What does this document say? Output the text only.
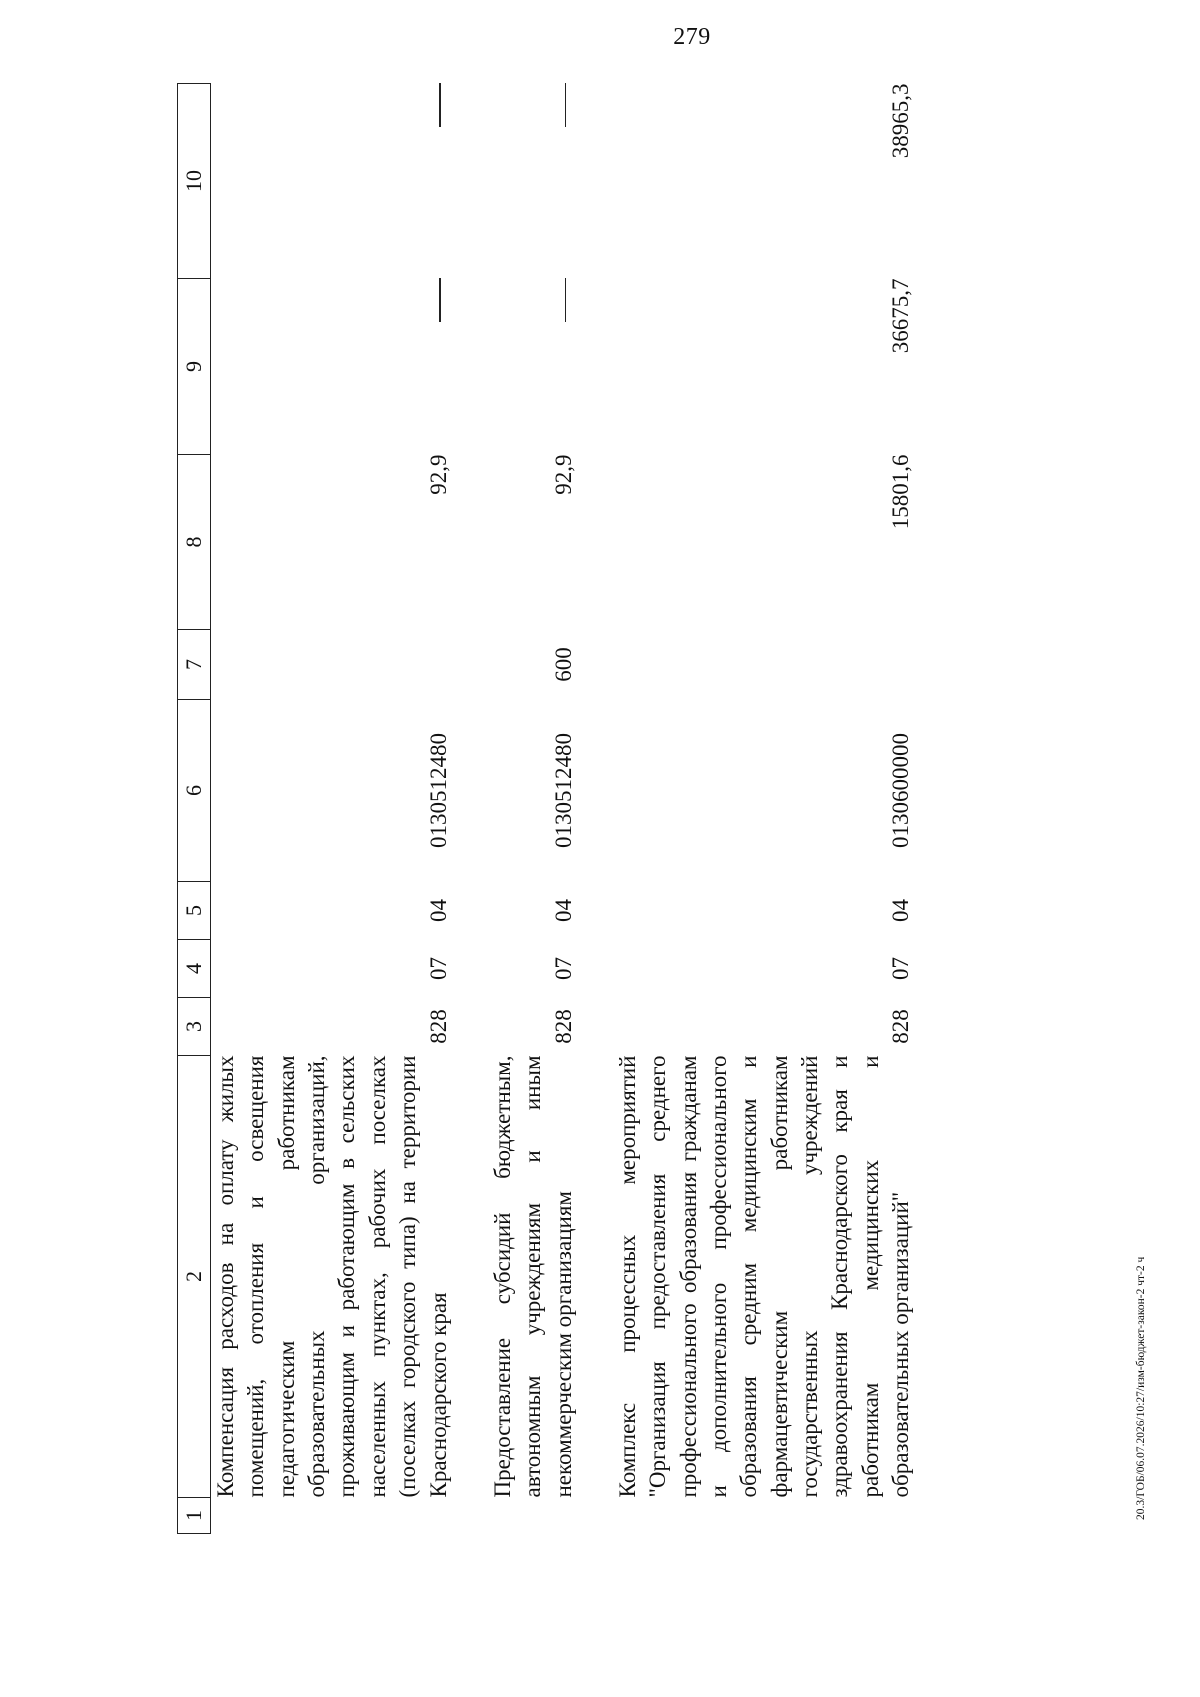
279
1	2	3	4	5	6	7	8	9	10
	Компенсация расходов на оплату жилых помещений, отопления и освещения педагогическим работникам образовательных организаций, проживающим и работающим в сельских населенных пунктах, рабочих поселках (поселках городского типа) на территории Краснодарского края	828	07	04	0130512480		92,9		

	Предоставление субсидий бюджетным, автономным учреждениям и иным некоммерческим организациям	828	07	04	0130512480	600	92,9		

	Комплекс процессных мероприятий "Организация предоставления среднего профессионального образования гражданам и дополнительного профессионального образования средним медицинским и фармацевтическим работникам государственных учреждений здравоохранения Краснодарского края и работникам медицинских и образовательных организаций"	828	07	04	0130600000		15801,6	36675,7	38965,3
20.3/ГОБ/06.07.2026/10:27/изм-бюджет-закон-2 чт-2 ч
